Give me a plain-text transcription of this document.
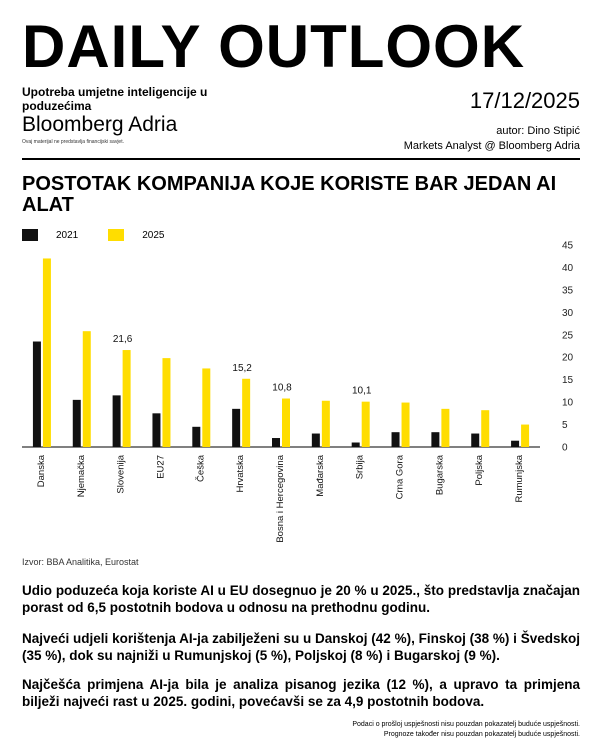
DAILY OUTLOOK
Upotreba umjetne inteligencije u poduzećima
Bloomberg Adria
Ovaj materijal ne predstavlja financijski savjet.
17/12/2025
autor: Dino Stipić
Markets Analyst @ Bloomberg Adria
POSTOTAK KOMPANIJA KOJE KORISTE BAR JEDAN AI ALAT
2021	2025
0
5
10
15
20
25
30
35
40
45
Danska	Njemačka	Slovenija	EU27	Češka	Hrvatska	Bosna i Hercegovina	Mađarska	Srbija	Crna Gora	Bugarska	Poljska	Rumunjska
21,6
15,2
10,8	10,1
Izvor: BBA Analitika, Eurostat
Udio poduzeća koja koriste AI u EU dosegnuo je 20 % u 2025., što predstavlja značajan porast od 6,5 postotnih bodova u odnosu na prethodnu godinu.
Najveći udjeli korištenja AI-ja zabilježeni su u Danskoj (42 %), Finskoj (38 %) i Švedskoj (35 %), dok su najniži u Rumunjskoj (5 %), Poljskoj (8 %) i Bugarskoj (9 %).
Najčešća primjena AI-ja bila je analiza pisanog jezika (12 %), a upravo ta primjena bilježi najveći rast u 2025. godini, povećavši se za 4,9 postotnih bodova.
Podaci o prošloj uspješnosti nisu pouzdan pokazatelj buduće uspješnosti.
Prognoze također nisu pouzdan pokazatelj buduće uspješnosti.
